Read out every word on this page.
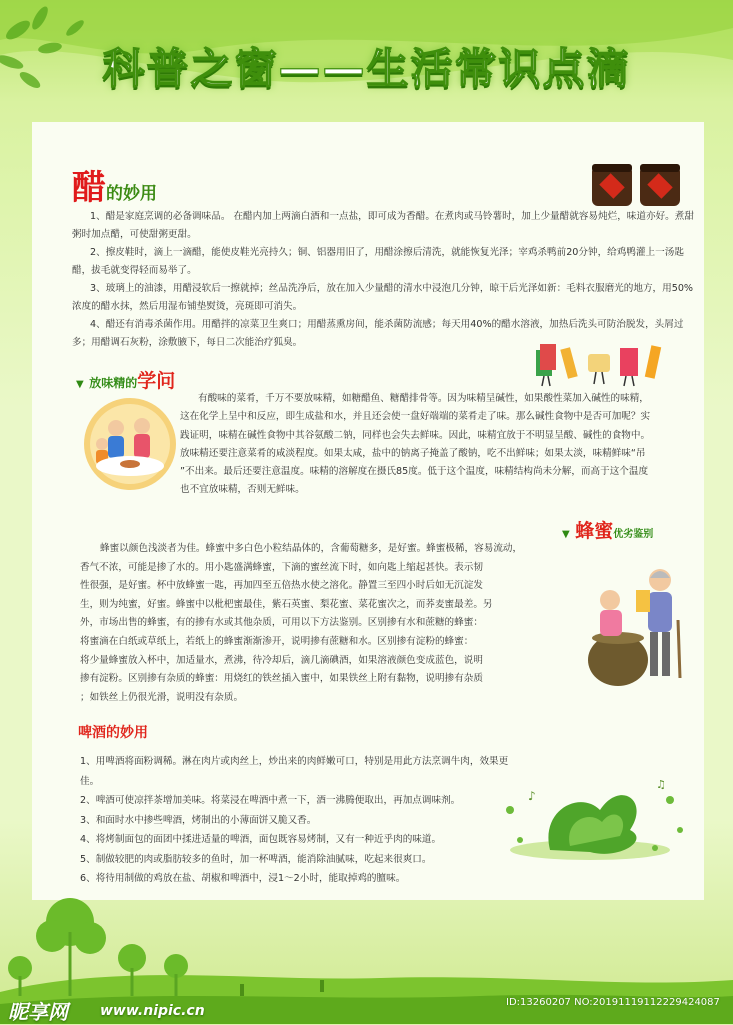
科普之窗——生活常识点滴
醋的妙用
1、醋是家庭烹调的必备调味品。 在醋内加上两滴白酒和一点盐，即可成为香醋。在煮肉或马铃薯时，加上少量醋就容易炖烂，味道亦好。煮甜粥时加点醋，可使甜粥更甜。
2、擦皮鞋时，滴上一滴醋，能使皮鞋光亮持久；铜、铝器用旧了，用醋涂擦后清洗，就能恢复光泽；宰鸡杀鸭前20分钟，给鸡鸭灌上一汤匙醋，拔毛就变得轻而易举了。
3、玻璃上的油漆，用醋浸软后一擦就掉；丝品洗净后，放在加入少量醋的清水中浸泡几分钟，晾干后光泽如新：毛料衣服磨光的地方，用50%浓度的醋水抹，然后用湿布铺垫熨烫，亮斑即可消失。
4、醋还有消毒杀菌作用。用醋拌的凉菜卫生爽口；用醋蒸熏房间，能杀菌防流感；每天用40%的醋水溶液，加热后洗头可防治脱发，头屑过多；用醋调石灰粉，涂敷腋下，每日二次能治疗狐臭。
▼ 放味精的学问
有酸味的菜肴，千万不要放味精，如糖醋鱼、糖醋排骨等。因为味精呈碱性，如果酸性菜加入碱性的味精，
这在化学上呈中和反应，即生成盐和水，并且还会使一盘好端端的菜肴走了味。那么碱性食物中是否可加呢？实
践证明，味精在碱性食物中其谷氨酸二钠，同样也会失去鲜味。因此，味精宜放于不明显呈酸、碱性的食物中。
放味精还要注意菜肴的咸淡程度。如果太咸，盐中的钠离子掩盖了酸钠，吃不出鲜味；如果太淡，味精鲜味“吊
”不出来。最后还要注意温度。味精的溶解度在摄氏85度。低于这个温度，味精结构尚未分解，而高于这个温度
也不宜放味精，否则无鲜味。
▼ 蜂蜜优劣鉴别
蜂蜜以颜色浅淡者为佳。蜂蜜中多白色小粒结晶体的，含葡萄糖多，是好蜜。蜂蜜极稀，容易流动，
香气不浓，可能是掺了水的。用小匙盛满蜂蜜，下滴的蜜丝流下时，如向匙上缩起甚快。表示韧
性很强，是好蜜。杯中放蜂蜜一匙，再加四至五倍热水使之溶化。静置三至四小时后如无沉淀发
生，则为纯蜜，好蜜。蜂蜜中以枇杷蜜最佳，紫石英蜜、梨花蜜、菜花蜜次之，而荞麦蜜最差。另
外，市场出售的蜂蜜，有的掺有水或其他杂质，可用以下方法鉴别。区别掺有水和蔗糖的蜂蜜：
将蜜滴在白纸或草纸上，若纸上的蜂蜜渐渐渗开，说明掺有蔗糖和水。区别掺有淀粉的蜂蜜：
将少量蜂蜜放入杯中，加适量水，煮沸，待冷却后，滴几滴碘酒，如果溶液颜色变成蓝色，说明
掺有淀粉。区别掺有杂质的蜂蜜：用烧红的铁丝插入蜜中，如果铁丝上附有黏物，说明掺有杂质
；如铁丝上仍很光滑，说明没有杂质。
啤酒的妙用
1、用啤酒将面粉调稀。淋在肉片或肉丝上，炒出来的肉鲜嫩可口，特别是用此方法烹调牛肉，效果更佳。
2、啤酒可使凉拌茶增加美味。将菜浸在啤酒中煮一下，酒一沸腾便取出，再加点调味剂。
3、和面时水中掺些啤酒，烤制出的小薄面饼又脆又香。
4、将烤制面包的面团中揉进适量的啤酒，面包既容易烤制，又有一种近乎肉的味道。
5、制做较肥的肉或脂肪较多的鱼时，加一杯啤酒，能消除油腻味，吃起来很爽口。
6、将待用制做的鸡放在盐、胡椒和啤酒中，浸1～2小时，能取掉鸡的膻味。
♪
♫
昵享网 www.nipic.cn
ID:13260207 NO:20191119112229424087
